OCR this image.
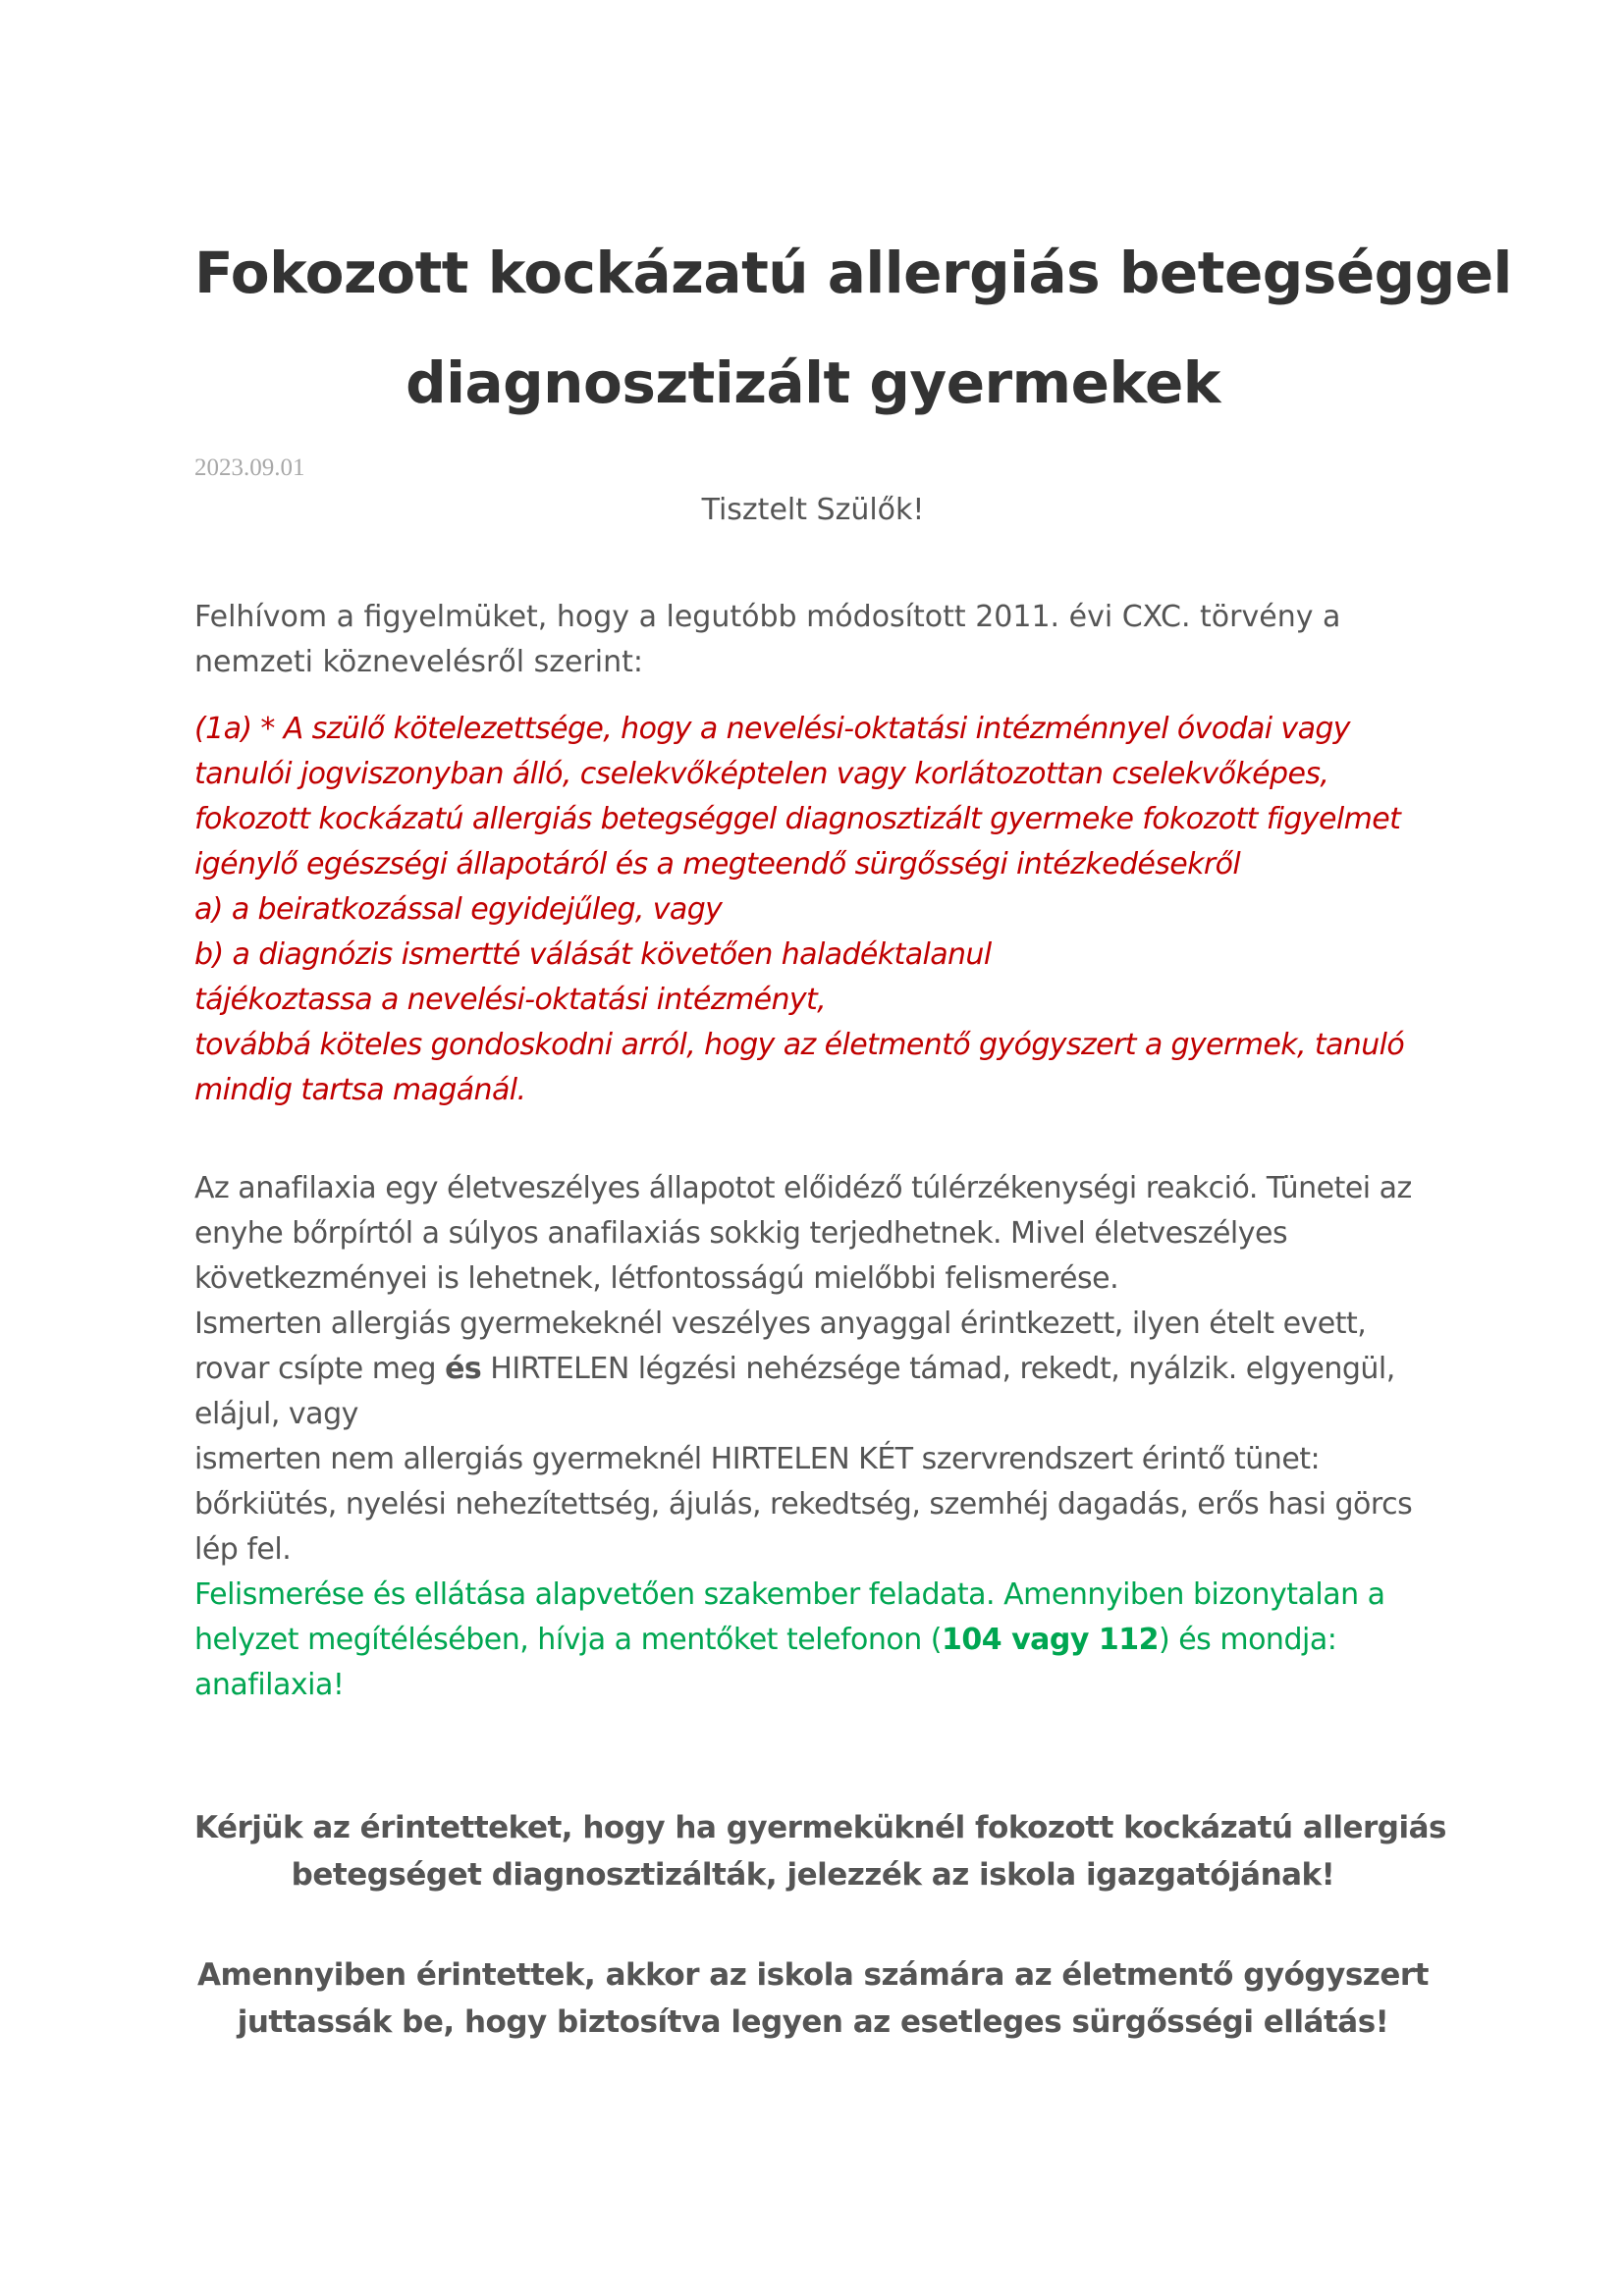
Fokozott kockázatú allergiás betegséggel
diagnosztizált gyermekek
2023.09.01
Tisztelt Szülők!
Felhívom a figyelmüket, hogy a legutóbb módosított 2011. évi CXC. törvény a
nemzeti köznevelésről szerint:
(1a) * A szülő kötelezettsége, hogy a nevelési-oktatási intézménnyel óvodai vagy
tanulói jogviszonyban álló, cselekvőképtelen vagy korlátozottan cselekvőképes,
fokozott kockázatú allergiás betegséggel diagnosztizált gyermeke fokozott figyelmet
igénylő egészségi állapotáról és a megteendő sürgősségi intézkedésekről
a) a beiratkozással egyidejűleg, vagy
b) a diagnózis ismertté válását követően haladéktalanul
tájékoztassa a nevelési-oktatási intézményt,
továbbá köteles gondoskodni arról, hogy az életmentő gyógyszert a gyermek, tanuló
mindig tartsa magánál.
Az anafilaxia egy életveszélyes állapotot előidéző túlérzékenységi reakció. Tünetei az
enyhe bőrpírtól a súlyos anafilaxiás sokkig terjedhetnek. Mivel életveszélyes
következményei is lehetnek, létfontosságú mielőbbi felismerése.
Ismerten allergiás gyermekeknél veszélyes anyaggal érintkezett, ilyen ételt evett,
rovar csípte meg és HIRTELEN légzési nehézsége támad, rekedt, nyálzik. elgyengül,
eláj﻿ul, vagy
ismerten nem allergiás gyermeknél HIRTELEN KÉT szervrendszert érintő tünet:
bőrkiütés, nyelési nehezítettség, ájulás, rekedtség, szemhéj dagadás, erős hasi görcs
lép fel.
Felismerése és ellátása alapvetően szakember feladata. Amennyiben bizonytalan a
helyzet megítélésében, hívja a mentőket telefonon (104 vagy 112) és mondja:
anafilaxia!
Kérjük az érintetteket, hogy ha gyermeküknél fokozott kockázatú allergiás
betegséget diagnosztizálták, jelezzék az iskola igazgatójának!
Amennyiben érintettek, akkor az iskola számára az életmentő gyógyszert
juttassák be, hogy biztosítva legyen az esetleges sürgősségi ellátás!
